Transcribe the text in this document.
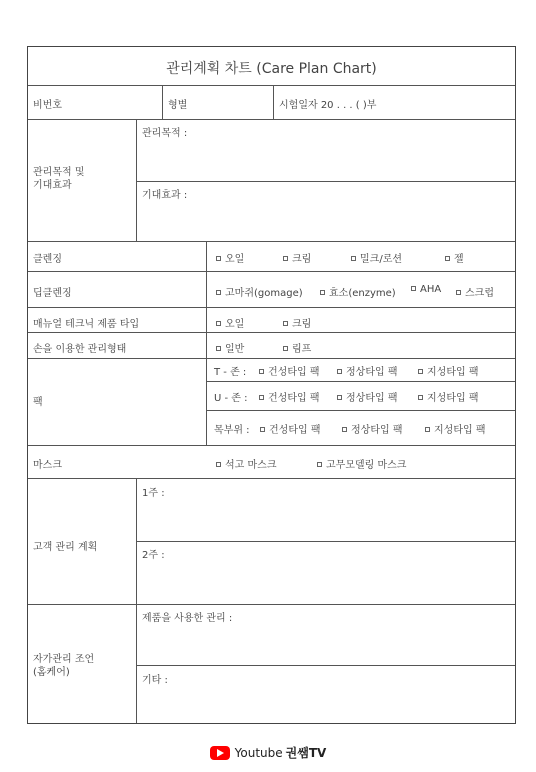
관리계획 차트 (Care Plan Chart)
비번호	형별	시험일자 20 . . . ( )부
관리목적 및
기대효과
관리목적 :
기대효과 :
클렌징	오일	크림	밀크/로션	젤
딥클렌징	고마쥐(gomage)	효소(enzyme)	AHA	스크럽
매뉴얼 테크닉 제품 타입	오일	크림
손을 이용한 관리형태	일반	림프
팩
T - 존 :	건성타입 팩	정상타입 팩	지성타입 팩
U - 존 :	건성타입 팩	정상타입 팩	지성타입 팩
목부위 :	건성타입 팩	정상타입 팩	지성타입 팩
마스크	석고 마스크	고무모델링 마스크
고객 관리 계획
1주 :
2주 :
자가관리 조언
(홈케어)
제품을 사용한 관리 :
기타 :
Youtube 권쌤TV
